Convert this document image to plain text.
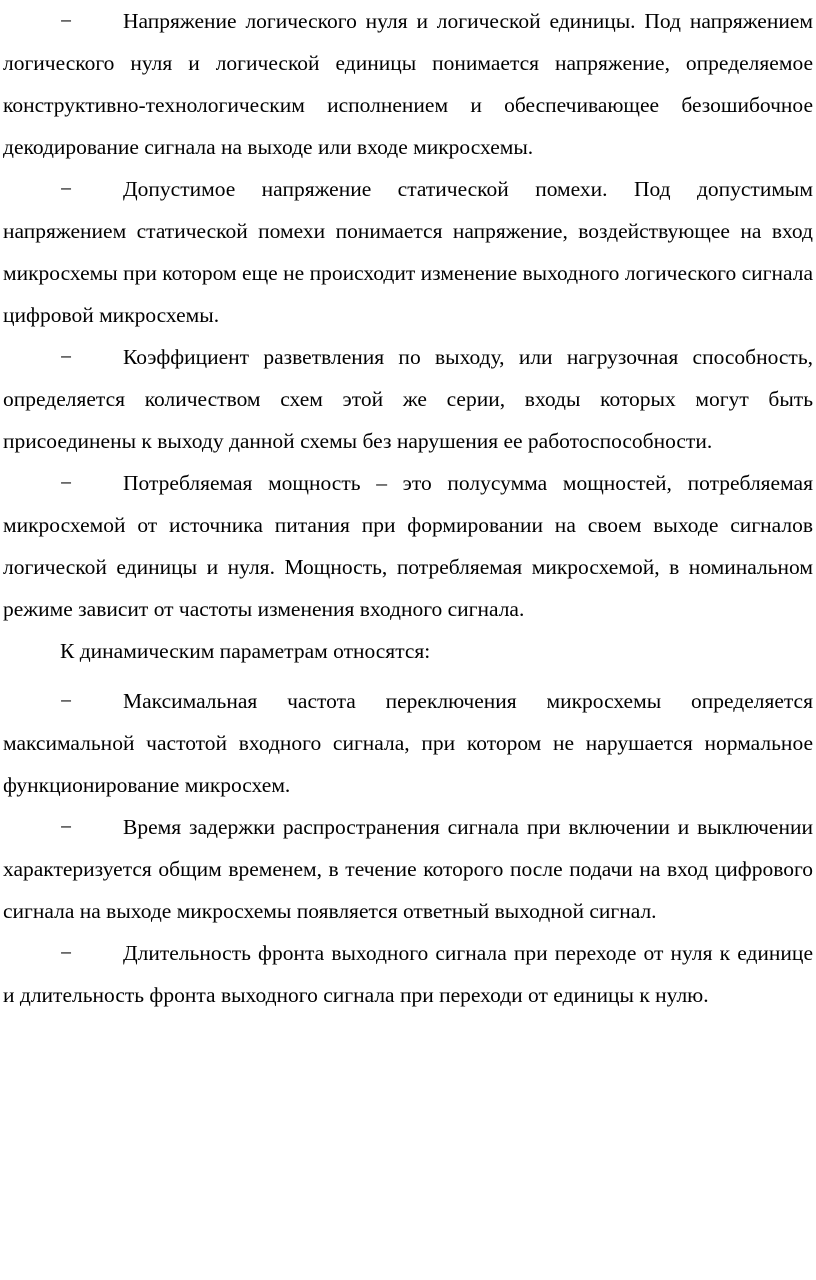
− Напряжение логического нуля и логической единицы. Под напряжением логического нуля и логической единицы понимается напряжение, определяемое конструктивно-технологическим исполнением и обеспечивающее безошибочное декодирование сигнала на выходе или входе микросхемы.

− Допустимое напряжение статической помехи. Под допустимым напряжением статической помехи понимается напряжение, воздействующее на вход микросхемы при котором еще не происходит изменение выходного логического сигнала цифровой микросхемы.

− Коэффициент разветвления по выходу, или нагрузочная способность, определяется количеством схем этой же серии, входы которых могут быть присоединены к выходу данной схемы без нарушения ее работоспособности.

− Потребляемая мощность – это полусумма мощностей, потребляемая микросхемой от источника питания при формировании на своем выходе сигналов логической единицы и нуля. Мощность, потребляемая микросхемой, в номинальном режиме зависит от частоты изменения входного сигнала.

К динамическим параметрам относятся:

− Максимальная частота переключения микросхемы определяется максимальной частотой входного сигнала, при котором не нарушается нормальное функционирование микросхем.

− Время задержки распространения сигнала при включении и выключении характеризуется общим временем, в течение которого после подачи на вход цифрового сигнала на выходе микросхемы появляется ответный выходной сигнал.

− Длительность фронта выходного сигнала при переходе от нуля к единице и длительность фронта выходного сигнала при переходи от единицы к нулю.
